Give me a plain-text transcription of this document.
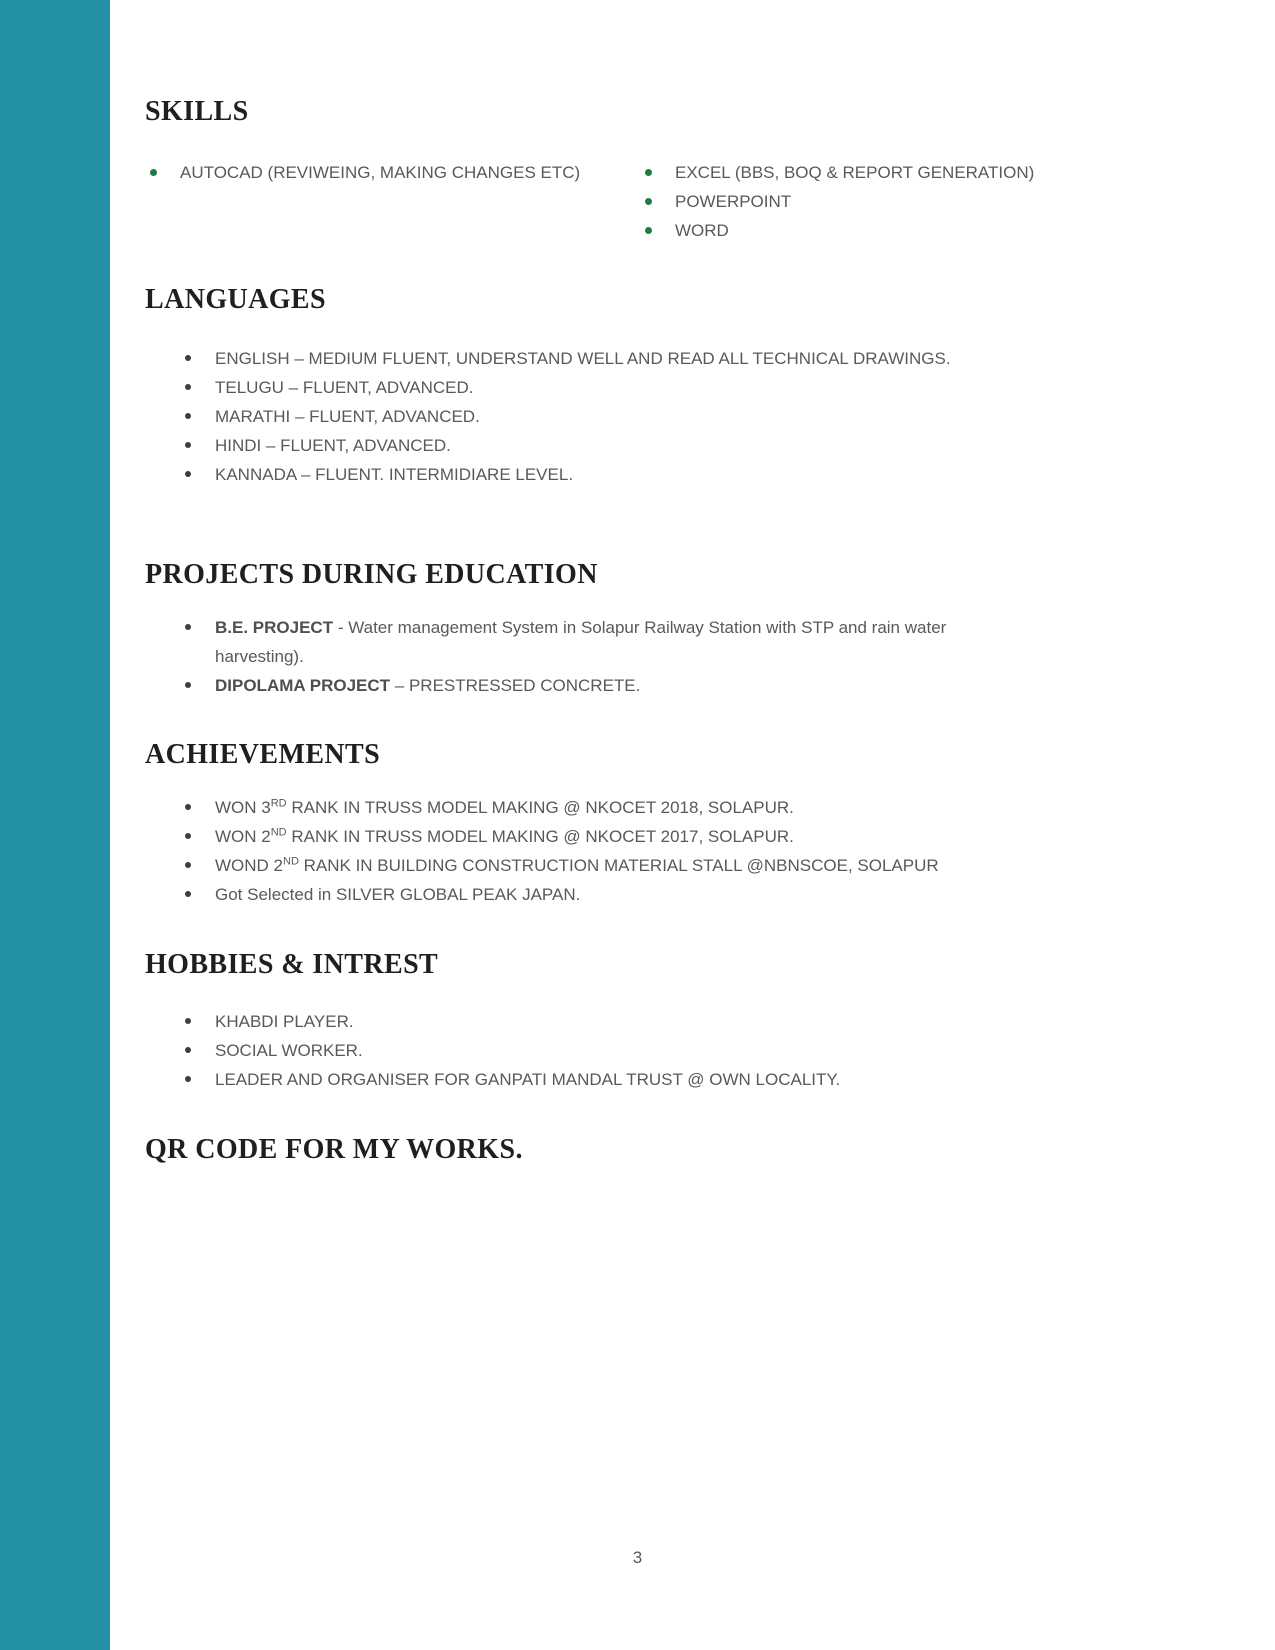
SKILLS
AUTOCAD (REVIWEING, MAKING CHANGES ETC)	EXCEL (BBS, BOQ & REPORT GENERATION)
POWERPOINT
WORD
LANGUAGES
ENGLISH – MEDIUM FLUENT, UNDERSTAND WELL AND READ ALL TECHNICAL DRAWINGS.
TELUGU – FLUENT, ADVANCED.
MARATHI – FLUENT, ADVANCED.
HINDI – FLUENT, ADVANCED.
KANNADA – FLUENT. INTERMIDIARE LEVEL.
PROJECTS DURING EDUCATION
B.E. PROJECT - Water management System in Solapur Railway Station with STP and rain water harvesting).
DIPOLAMA PROJECT – PRESTRESSED CONCRETE.
ACHIEVEMENTS
WON 3RD RANK IN TRUSS MODEL MAKING @ NKOCET 2018, SOLAPUR.
WON 2ND RANK IN TRUSS MODEL MAKING @ NKOCET 2017, SOLAPUR.
WOND 2ND RANK IN BUILDING CONSTRUCTION MATERIAL STALL @NBNSCOE, SOLAPUR
Got Selected in SILVER GLOBAL PEAK JAPAN.
HOBBIES & INTREST
KHABDI PLAYER.
SOCIAL WORKER.
LEADER AND ORGANISER FOR GANPATI MANDAL TRUST @ OWN LOCALITY.
QR CODE FOR MY WORKS.
3
